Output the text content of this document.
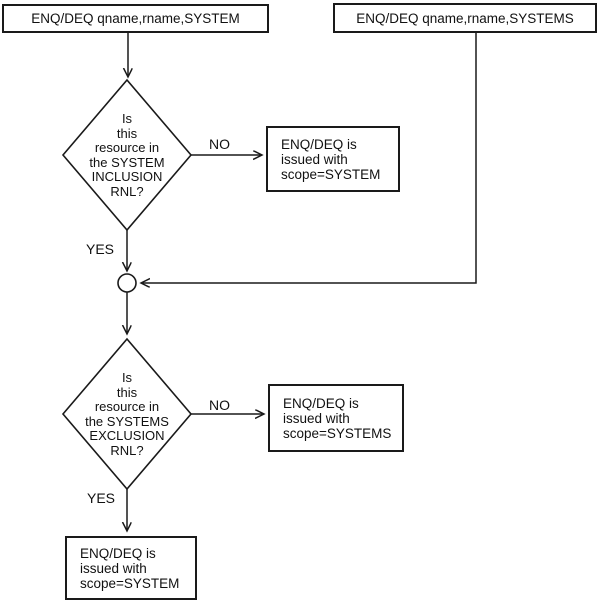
ENQ/DEQ qname,rname,SYSTEM	ENQ/DEQ qname,rname,SYSTEMS
Is
this
resource in
the SYSTEM
INCLUSION
RNL?
Is
this
resource in
the SYSTEMS
EXCLUSION
RNL?
ENQ/DEQ is
issued with
scope=SYSTEM
ENQ/DEQ is
issued with
scope=SYSTEMS
ENQ/DEQ is
issued with
scope=SYSTEM
NO
YES
NO
YES
